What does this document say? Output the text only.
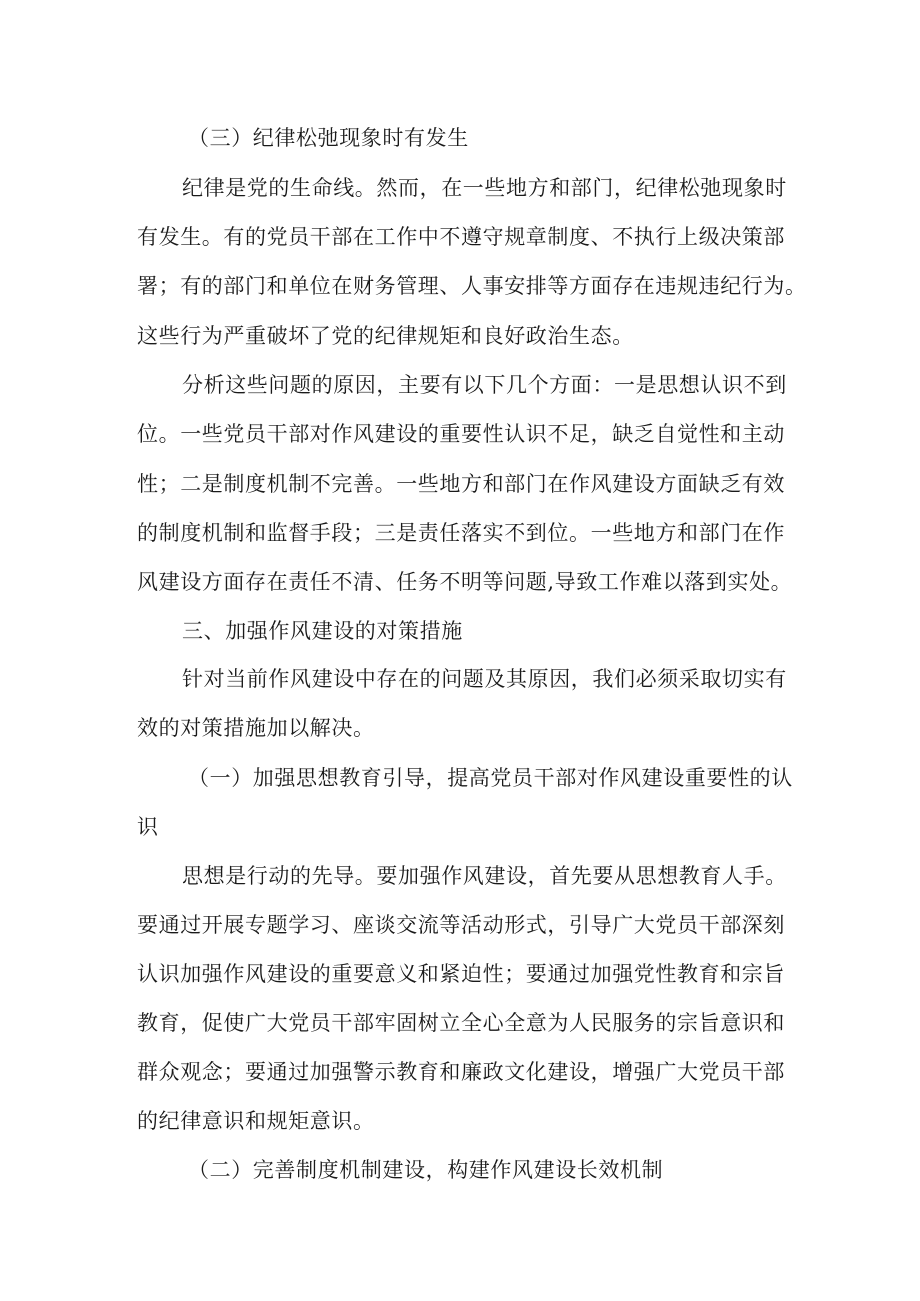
（三）纪律松弛现象时有发生
纪律是党的生命线。然而，在一些地方和部门，纪律松弛现象时
有发生。有的党员干部在工作中不遵守规章制度、不执行上级决策部
署；有的部门和单位在财务管理、人事安排等方面存在违规违纪行为。
这些行为严重破坏了党的纪律规矩和良好政治生态。
分析这些问题的原因，主要有以下几个方面：一是思想认识不到
位。一些党员干部对作风建设的重要性认识不足，缺乏自觉性和主动
性；二是制度机制不完善。一些地方和部门在作风建设方面缺乏有效
的制度机制和监督手段；三是责任落实不到位。一些地方和部门在作
风建设方面存在责任不清、任务不明等问题,导致工作难以落到实处。
三、加强作风建设的对策措施
针对当前作风建设中存在的问题及其原因，我们必须采取切实有
效的对策措施加以解决。
（一）加强思想教育引导，提高党员干部对作风建设重要性的认
识
思想是行动的先导。要加强作风建设，首先要从思想教育人手。
要通过开展专题学习、座谈交流等活动形式，引导广大党员干部深刻
认识加强作风建设的重要意义和紧迫性；要通过加强党性教育和宗旨
教育，促使广大党员干部牢固树立全心全意为人民服务的宗旨意识和
群众观念；要通过加强警示教育和廉政文化建设，增强广大党员干部
的纪律意识和规矩意识。
（二）完善制度机制建设，构建作风建设长效机制
